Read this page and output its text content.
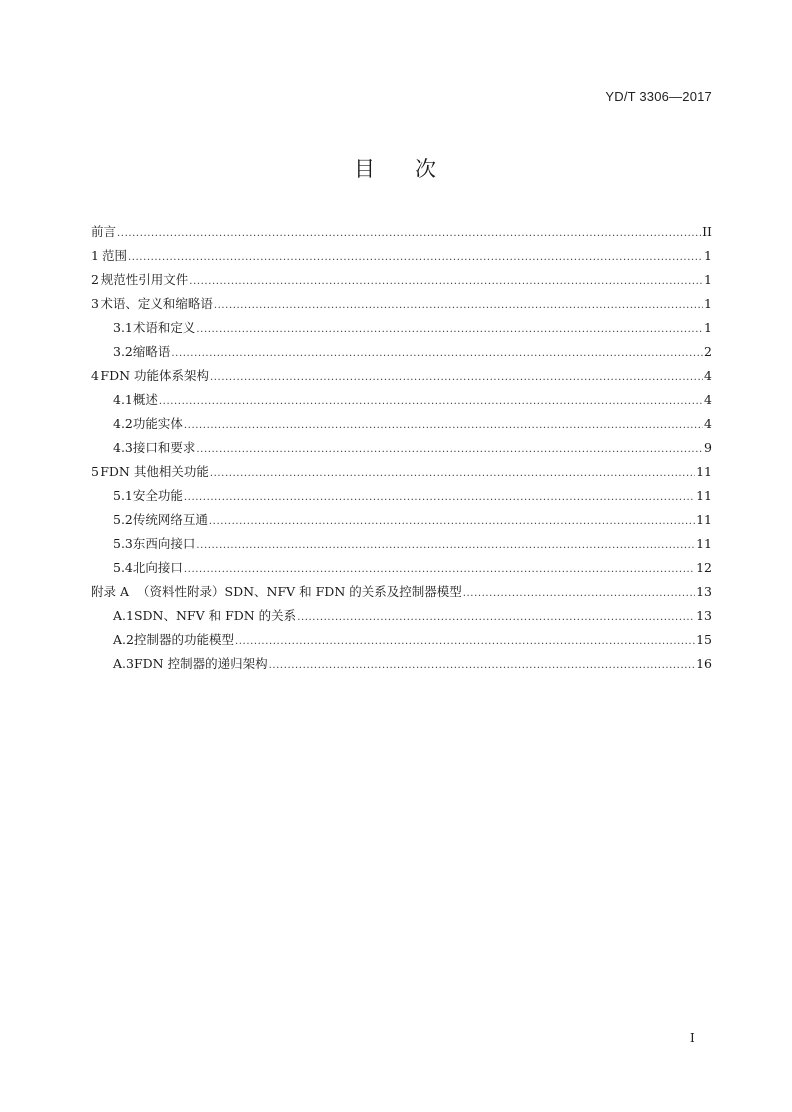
YD/T 3306—2017
目 次
前言 .....	II
1 范围 .....	1
2 规范性引用文件 .....	1
3 术语、定义和缩略语 .....	1
3.1 术语和定义 .....	1
3.2 缩略语 .....	2
4 FDN 功能体系架构 .....	4
4.1 概述 .....	4
4.2 功能实体 .....	4
4.3 接口和要求 .....	9
5 FDN 其他相关功能 .....	11
5.1 安全功能 .....	11
5.2 传统网络互通 .....	11
5.3 东西向接口 .....	11
5.4 北向接口 .....	12
附录 A （资料性附录）SDN、NFV 和 FDN 的关系及控制器模型 .....	13
A.1 SDN、NFV 和 FDN 的关系 .....	13
A.2 控制器的功能模型 .....	15
A.3 FDN 控制器的递归架构 .....	16
I
